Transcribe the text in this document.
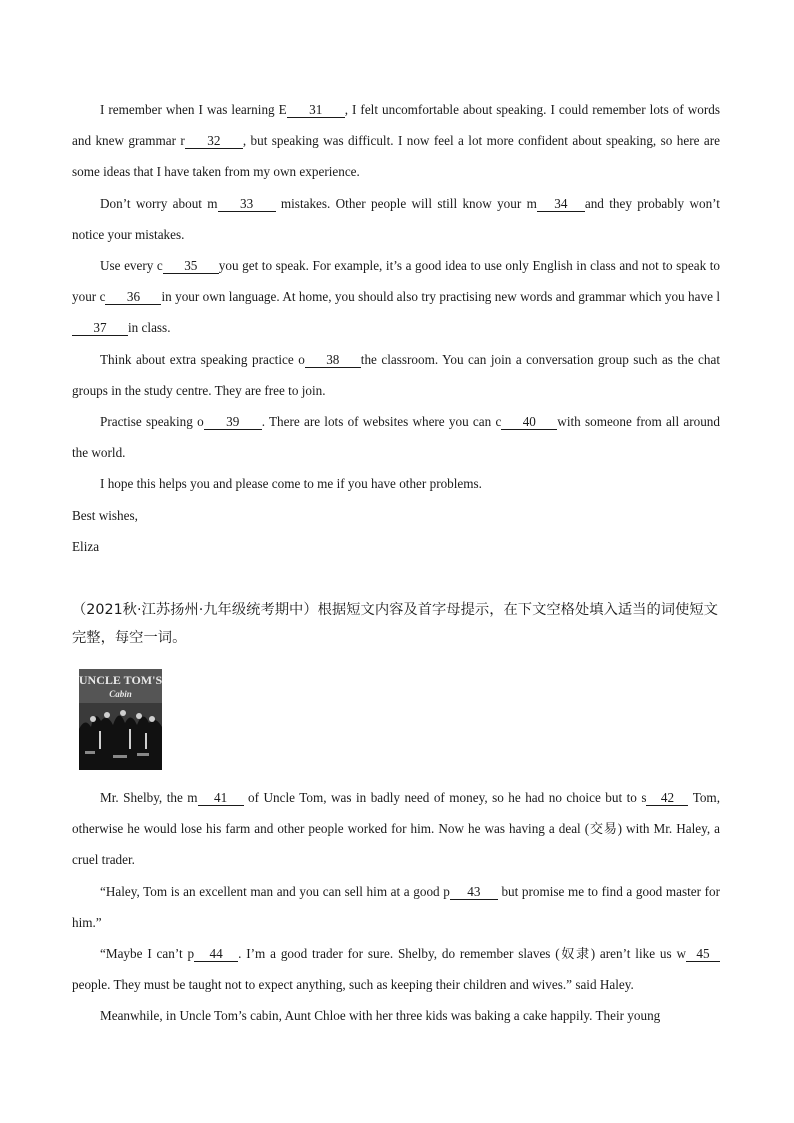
I remember when I was learning E 31 , I felt uncomfortable about speaking. I could remember lots of words and knew grammar r 32 , but speaking was difficult. I now feel a lot more confident about speaking, so here are some ideas that I have taken from my own experience.

Don’t worry about m 33 mistakes. Other people will still know your m 34 and they probably won’t notice your mistakes.

Use every c 35 you get to speak. For example, it’s a good idea to use only English in class and not to speak to your c 36 in your own language. At home, you should also try practising new words and grammar which you have l37 in class.

Think about extra speaking practice o 38 the classroom. You can join a conversation group such as the chat groups in the study centre. They are free to join.

Practise speaking o 39 . There are lots of websites where you can c 40 with someone from all around the world.

I hope this helps you and please come to me if you have other problems.

Best wishes,

Eliza

（2021秋·江苏扬州·九年级统考期中）根据短文内容及首字母提示，在下文空格处填入适当的词使短文完整，每空一词。
UNCLE TOM'S
Cabin

Mr. Shelby, the m 41 of Uncle Tom, was in badly need of money, so he had no choice but to s 42 Tom, otherwise he would lose his farm and other people worked for him. Now he was having a deal (交易) with Mr. Haley, a cruel trader.

“Haley, Tom is an excellent man and you can sell him at a good p 43 but promise me to find a good master for him.”

“Maybe I can’t p 44 . I’m a good trader for sure. Shelby, do remember slaves (奴隶) aren’t like us w 45 people. They must be taught not to expect anything, such as keeping their children and wives.” said Haley.

Meanwhile, in Uncle Tom’s cabin, Aunt Chloe with her three kids was baking a cake happily. Their young
